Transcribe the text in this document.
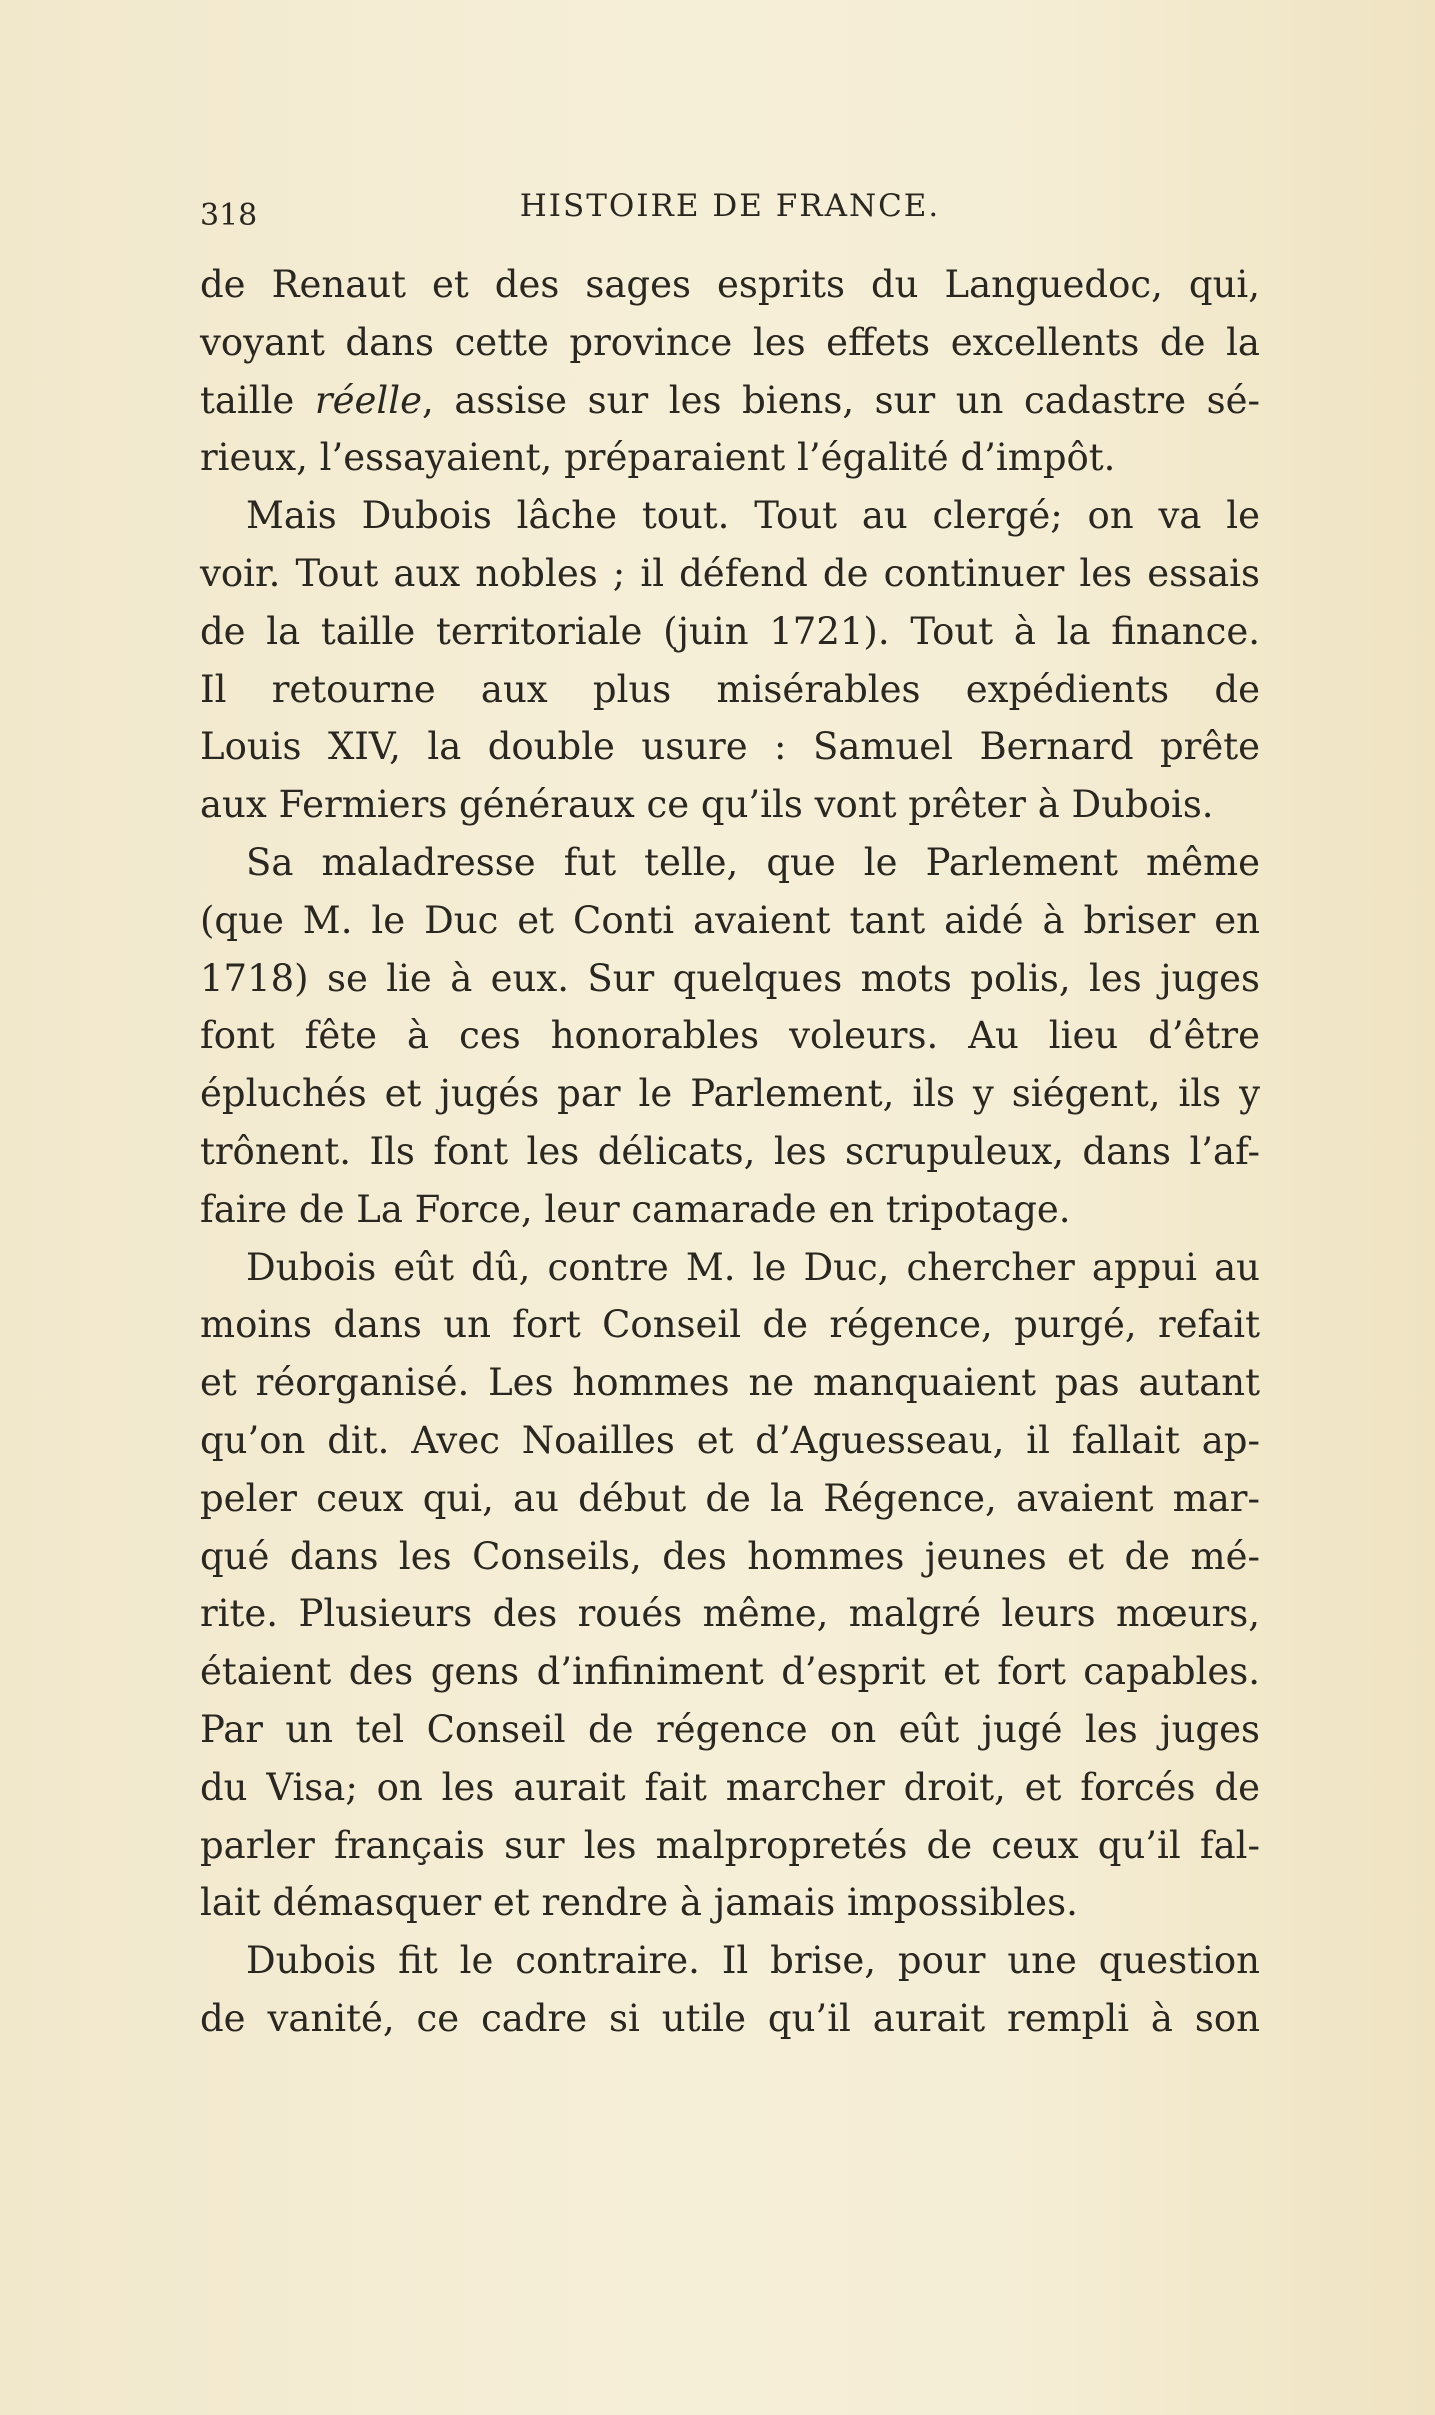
318	HISTOIRE DE FRANCE.

de Renaut et des sages esprits du Languedoc, qui,
voyant dans cette province les effets excellents de la
taille réelle, assise sur les biens, sur un cadastre sé-
rieux, l’essayaient, préparaient l’égalité d’impôt.

Mais Dubois lâche tout. Tout au clergé; on va le
voir. Tout aux nobles ; il défend de continuer les essais
de la taille territoriale (juin 1721). Tout à la finance.
Il retourne aux plus misérables expédients de
Louis XIV, la double usure : Samuel Bernard prête
aux Fermiers généraux ce qu’ils vont prêter à Dubois.

Sa maladresse fut telle, que le Parlement même
(que M. le Duc et Conti avaient tant aidé à briser en
1718) se lie à eux. Sur quelques mots polis, les juges
font fête à ces honorables voleurs. Au lieu d’être
épluchés et jugés par le Parlement, ils y siégent, ils y
trônent. Ils font les délicats, les scrupuleux, dans l’af-
faire de La Force, leur camarade en tripotage.

Dubois eût dû, contre M. le Duc, chercher appui au
moins dans un fort Conseil de régence, purgé, refait
et réorganisé. Les hommes ne manquaient pas autant
qu’on dit. Avec Noailles et d’Aguesseau, il fallait ap-
peler ceux qui, au début de la Régence, avaient mar-
qué dans les Conseils, des hommes jeunes et de mé-
rite. Plusieurs des roués même, malgré leurs mœurs,
étaient des gens d’infiniment d’esprit et fort capables.
Par un tel Conseil de régence on eût jugé les juges
du Visa; on les aurait fait marcher droit, et forcés de
parler français sur les malpropretés de ceux qu’il fal-
lait démasquer et rendre à jamais impossibles.

Dubois fit le contraire. Il brise, pour une question
de vanité, ce cadre si utile qu’il aurait rempli à son
